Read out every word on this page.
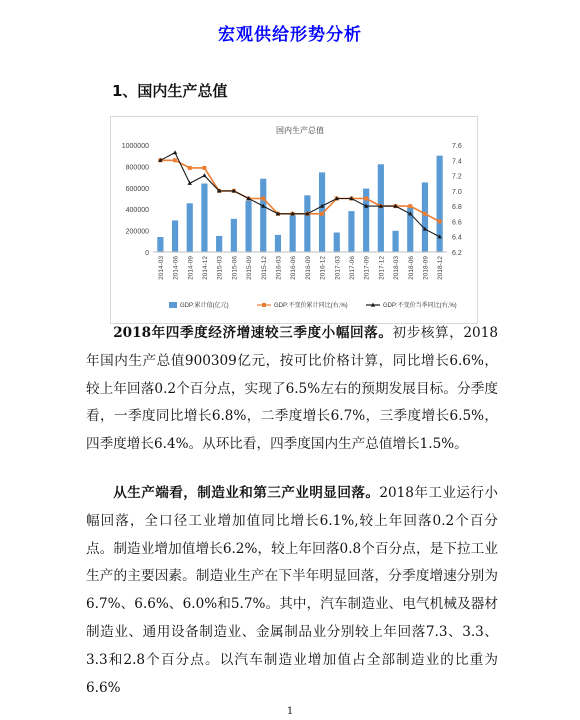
宏观供给形势分析
1、国内生产总值
国内生产总值
0
200000
400000
600000
800000
1000000
6.2
6.4
6.6
6.8
7.0
7.2
7.4
7.6
2014-03 2014-06 2014-09 2014-12 2015-03 2015-06 2015-09 2015-12 2016-03 2016-06 2016-09 2016-12 2017-03 2017-06 2017-09 2017-12 2018-03 2018-06 2018-09 2018-12
GDP:累计值(亿元)	GDP:不变价累计同比(右,%)	GDP:不变价当季同比(右,%)

2018年四季度经济增速较三季度小幅回落。初步核算，2018年国内生产总值900309亿元，按可比价格计算，同比增长6.6%，较上年回落0.2个百分点，实现了6.5%左右的预期发展目标。分季度看，一季度同比增长6.8%，二季度增长6.7%，三季度增长6.5%，四季度增长6.4%。从环比看，四季度国内生产总值增长1.5%。

从生产端看，制造业和第三产业明显回落。2018年工业运行小幅回落，全口径工业增加值同比增长6.1%,较上年回落0.2个百分点。制造业增加值增长6.2%，较上年回落0.8个百分点，是下拉工业生产的主要因素。制造业生产在下半年明显回落，分季度增速分别为6.7%、6.6%、6.0%和5.7%。其中，汽车制造业、电气机械及器材制造业、通用设备制造业、金属制品业分别较上年回落7.3、3.3、3.3和2.8个百分点。以汽车制造业增加值占全部制造业的比重为6.6%

1
